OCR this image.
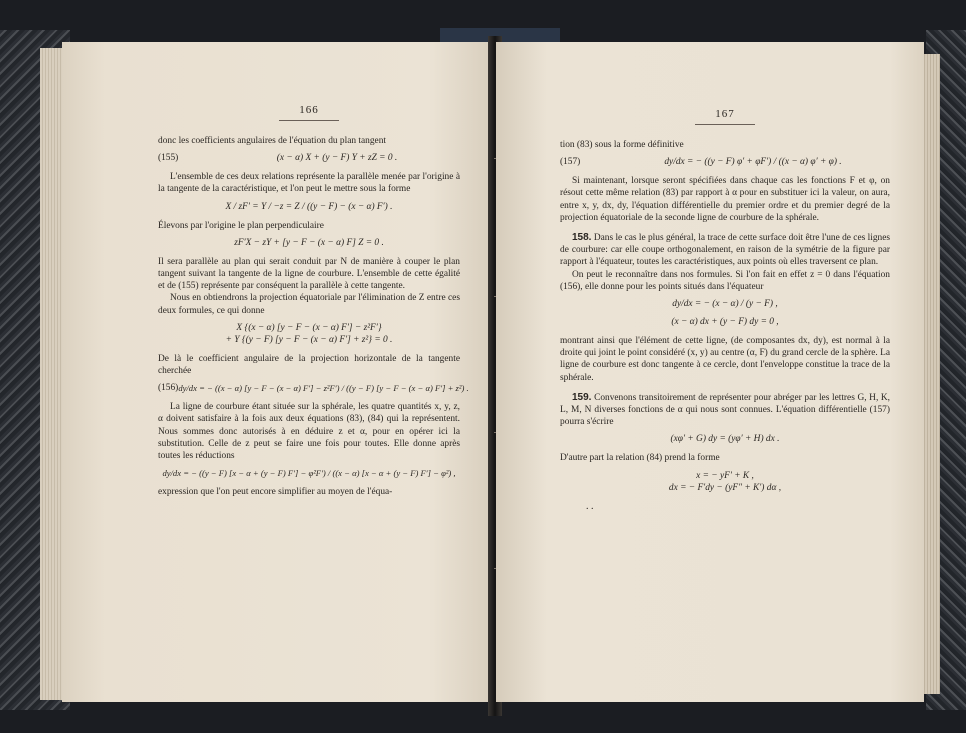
166

donc les coefficients angulaires de l'équation du plan tangent

(155)	(x − α) X + (y − F) Y + zZ = 0 .

L'ensemble de ces deux relations représente la parallèle menée par l'origine à la tangente de la caractéristique, et l'on peut le mettre sous la forme

X / zF′ = Y / −z = Z / ((y − F) − (x − α) F′) .

Élevons par l'origine le plan perpendiculaire

zF′X − zY + [y − F − (x − α) F] Z = 0 .

Il sera parallèle au plan qui serait conduit par N de manière à couper le plan tangent suivant la tangente de la ligne de courbure. L'ensemble de cette égalité et de (155) représente par conséquent la parallèle à cette tangente.

Nous en obtiendrons la projection équatoriale par l'élimination de Z entre ces deux formules, ce qui donne

X {(x − α) [y − F − (x − α) F′] − z²F′}
+ Y {(y − F) [y − F − (x − α) F′] + z²} = 0 .

De là le coefficient angulaire de la projection horizontale de la tangente cherchée

(156) dy/dx = − ((x − α) [y − F − (x − α) F′] − z²F′) / ((y − F) [y − F − (x − α) F′] + z²) .

La ligne de courbure étant située sur la sphérale, les quatre quantités x, y, z, α doivent satisfaire à la fois aux deux équations (83), (84) qui la représentent. Nous sommes donc autorisés à en déduire z et α, pour en opérer ici la substitution. Celle de z peut se faire une fois pour toutes. Elle donne après toutes les réductions

dy/dx = − ((y − F) [x − α + (y − F) F′] − φ²F′) / ((x − α) [x − α + (y − F) F′] − φ²) ,

expression que l'on peut encore simplifier au moyen de l'équa-

167

tion (83) sous la forme définitive

(157)	dy/dx = − ((y − F) φ′ + φF′) / ((x − α) φ′ + φ) .

Si maintenant, lorsque seront spécifiées dans chaque cas les fonctions F et φ, on résout cette même relation (83) par rapport à α pour en substituer ici la valeur, on aura, entre x, y, dx, dy, l'équation différentielle du premier ordre et du premier degré de la projection équatoriale de la seconde ligne de courbure de la sphérale.

158. Dans le cas le plus général, la trace de cette surface doit être l'une de ces lignes de courbure: car elle coupe orthogonalement, en raison de la symétrie de la figure par rapport à l'équateur, toutes les caractéristiques, aux points où elles traversent ce plan.

On peut le reconnaître dans nos formules. Si l'on fait en effet z = 0 dans l'équation (156), elle donne pour les points situés dans l'équateur

dy/dx = − (x − α) / (y − F) ,
(x − α) dx + (y − F) dy = 0 ,

montrant ainsi que l'élément de cette ligne, (de composantes dx, dy), est normal à la droite qui joint le point considéré (x, y) au centre (α, F) du grand cercle de la sphère. La ligne de courbure est donc tangente à ce cercle, dont l'enveloppe constitue la trace de la sphérale.

159. Convenons transitoirement de représenter pour abréger par les lettres G, H, K, L, M, N diverses fonctions de α qui nous sont connues. L'équation différentielle (157) pourra s'écrire

(xφ′ + G) dy = (yφ′ + H) dx .

D'autre part la relation (84) prend la forme

x = − yF′ + K ,
dx = − F′dy − (yF″ + K′) dα ,
. .
